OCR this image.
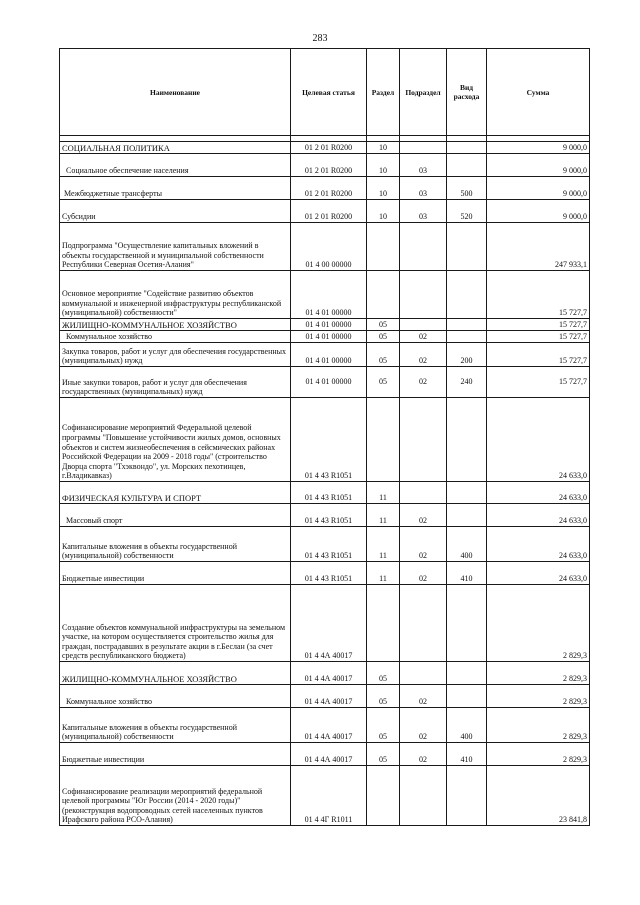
283
Наименование	Целевая статья	Раздел	Подраздел	Вид расхода	Сумма

СОЦИАЛЬНАЯ ПОЛИТИКА	01 2 01 R0200	10			9 000,0
Социальное обеспечение населения	01 2 01 R0200	10	03		9 000,0
Межбюджетные трансферты	01 2 01 R0200	10	03	500	9 000,0
Субсидии	01 2 01 R0200	10	03	520	9 000,0
Подпрограмма "Осуществление капитальных вложений в объекты государственной и муниципальной собственности Республики Северная Осетия-Алания"	01 4 00 00000				247 933,1
Основное мероприятие "Содействие развитию объектов коммунальной и инженерной инфраструктуры республиканской (муниципальной) собственности"	01 4 01 00000				15 727,7
ЖИЛИЩНО-КОММУНАЛЬНОЕ ХОЗЯЙСТВО	01 4 01 00000	05			15 727,7
Коммунальное хозяйство	01 4 01 00000	05	02		15 727,7
Закупка товаров, работ и услуг для обеспечения государственных (муниципальных) нужд	01 4 01 00000	05	02	200	15 727,7
Иные закупки товаров, работ и услуг для обеспечения государственных (муниципальных) нужд	01 4 01 00000	05	02	240	15 727,7
Софинансирование мероприятий Федеральной целевой программы "Повышение устойчивости жилых домов, основных объектов и систем жизнеобеспечения в сейсмических районах Российской Федерации на 2009 - 2018 годы" (строительство Дворца спорта "Тхэквондо", ул. Морских пехотинцев, г.Владикавказ)	01 4 43 R1051				24 633,0
ФИЗИЧЕСКАЯ КУЛЬТУРА И СПОРТ	01 4 43 R1051	11			24 633,0
Массовый спорт	01 4 43 R1051	11	02		24 633,0
Капитальные вложения в объекты государственной (муниципальной) собственности	01 4 43 R1051	11	02	400	24 633,0
Бюджетные инвестиции	01 4 43 R1051	11	02	410	24 633,0
Создание объектов коммунальной инфраструктуры на земельном участке, на котором осуществляется строительство жилья для граждан, пострадавших в результате акции в г.Беслан (за счет средств республиканского бюджета)	01 4 4А 40017				2 829,3
ЖИЛИЩНО-КОММУНАЛЬНОЕ ХОЗЯЙСТВО	01 4 4А 40017	05			2 829,3
Коммунальное хозяйство	01 4 4А 40017	05	02		2 829,3
Капитальные вложения в объекты государственной (муниципальной) собственности	01 4 4А 40017	05	02	400	2 829,3
Бюджетные инвестиции	01 4 4А 40017	05	02	410	2 829,3
Софинансирование реализации мероприятий федеральной целевой программы "Юг России (2014 - 2020 годы)" (реконструкция водопроводных сетей населенных пунктов Ирафского района РСО-Алания)	01 4 4Г R1011				23 841,8
